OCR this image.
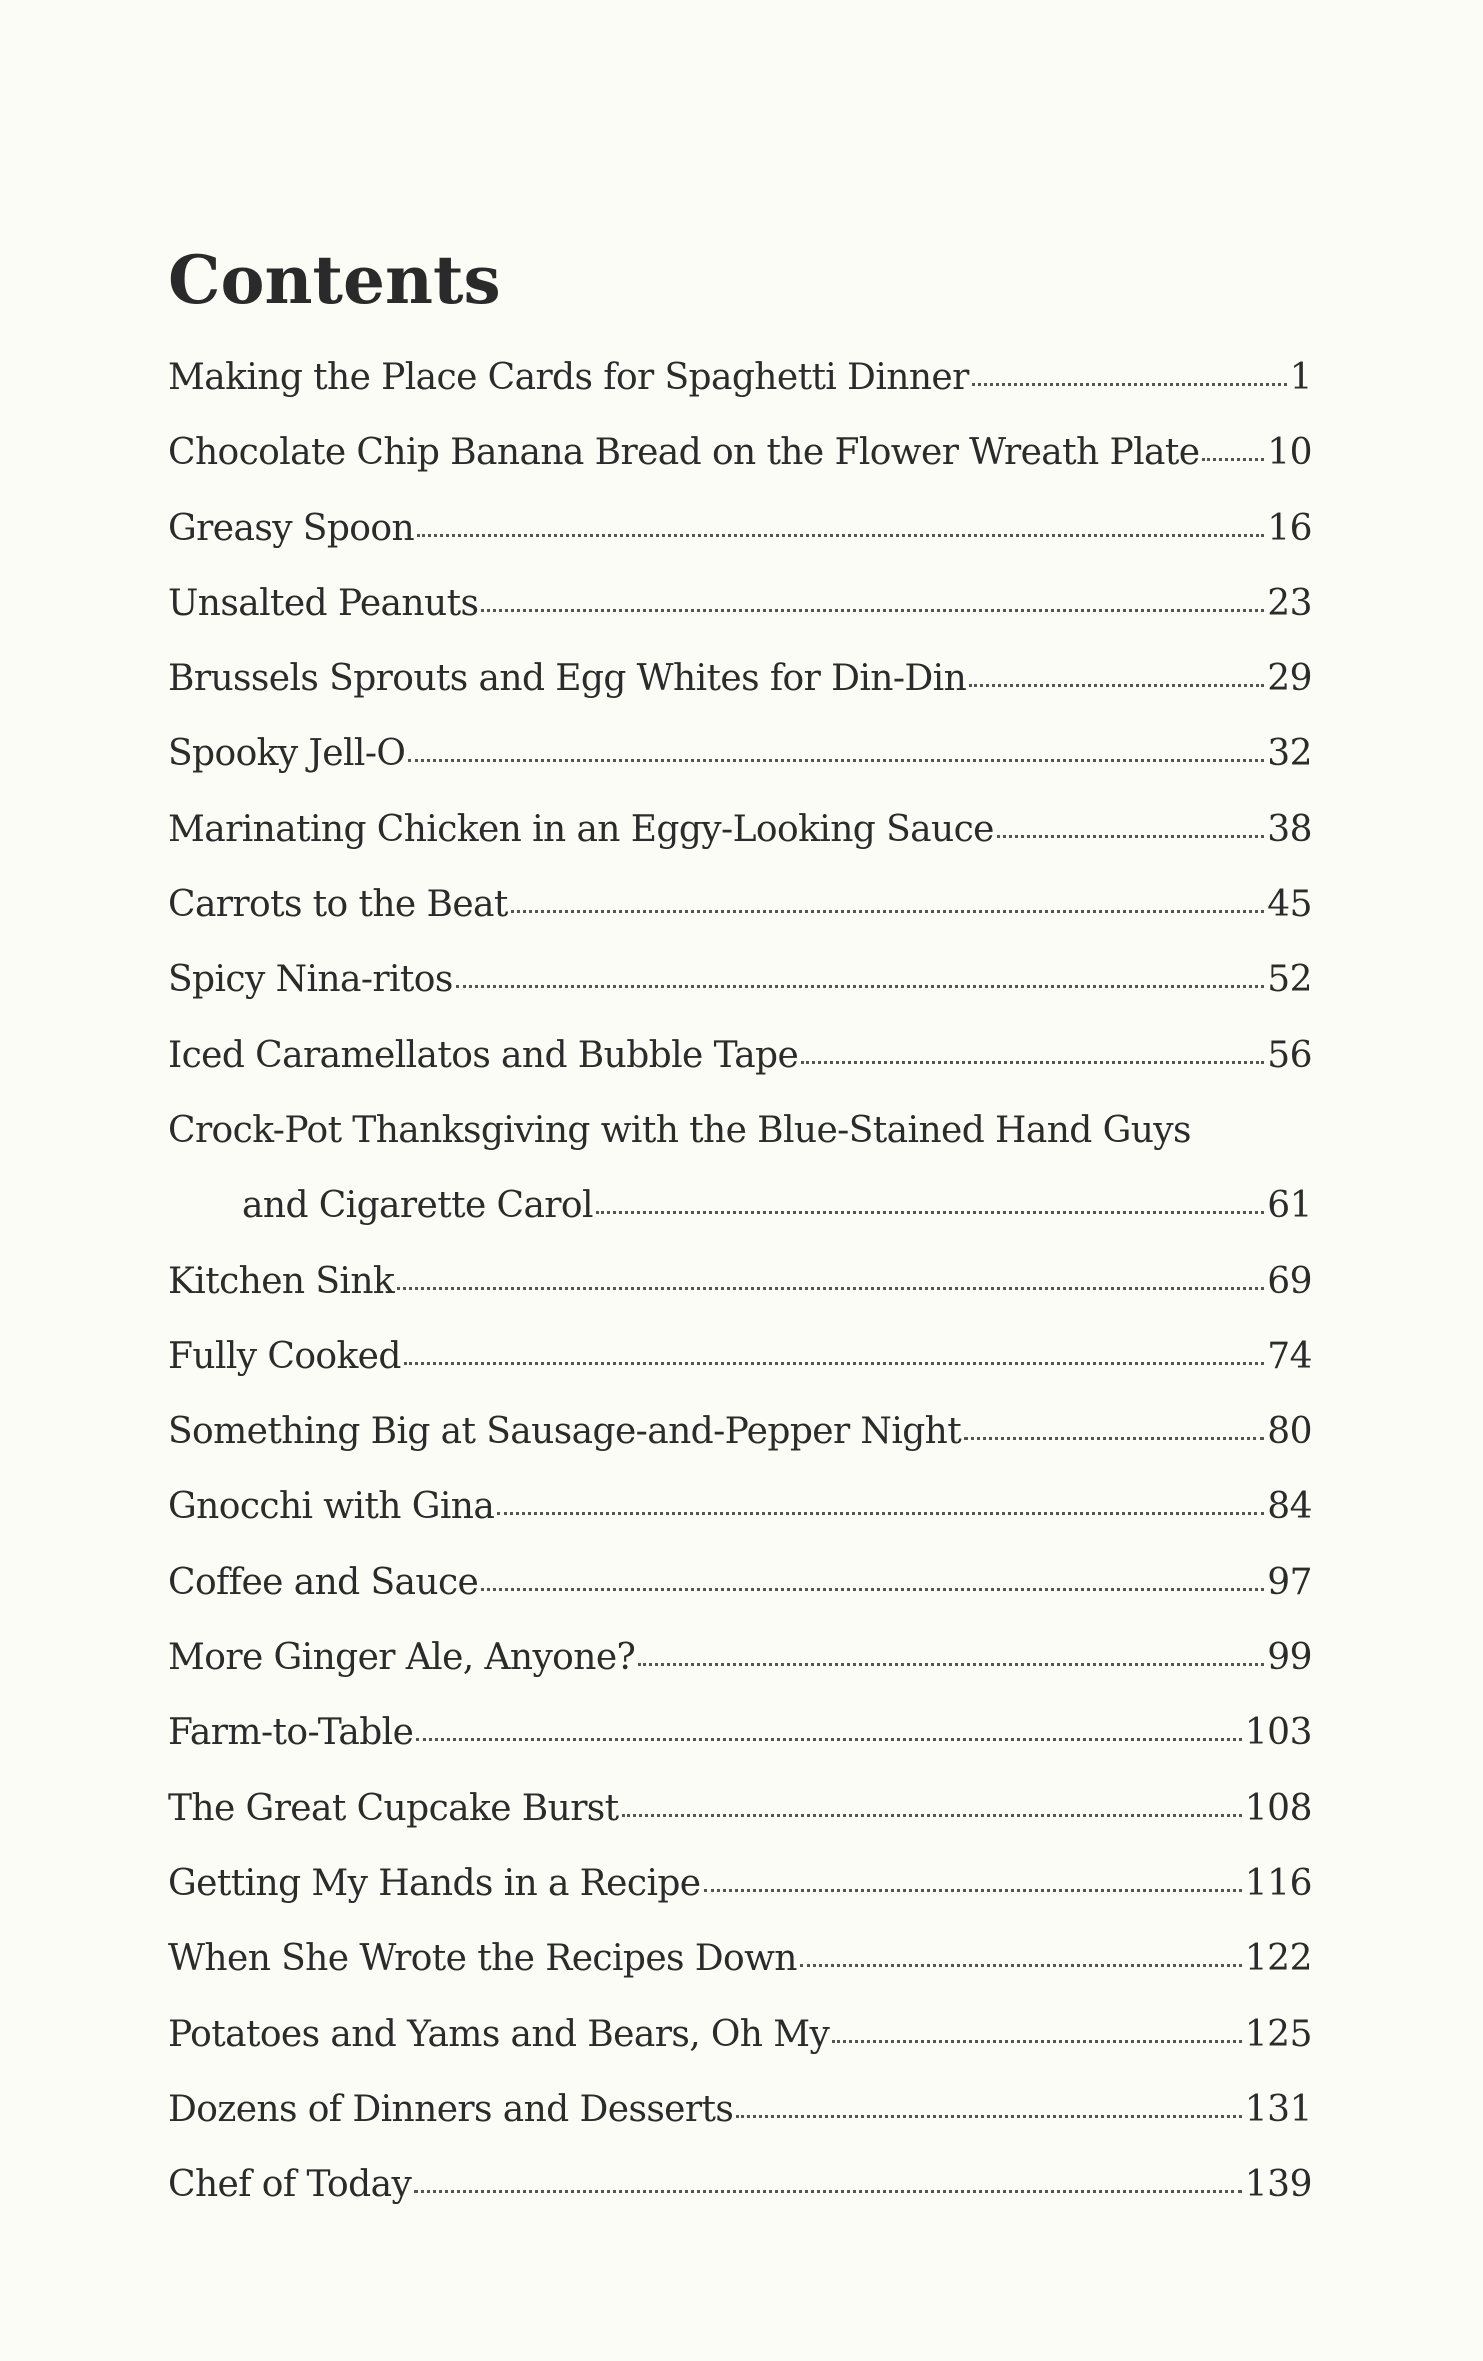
Contents
Making the Place Cards for Spaghetti Dinner	1
Chocolate Chip Banana Bread on the Flower Wreath Plate 10
Greasy Spoon	16
Unsalted Peanuts	23
Brussels Sprouts and Egg Whites for Din-Din	29
Spooky Jell-O	32
Marinating Chicken in an Eggy-Looking Sauce	38
Carrots to the Beat	45
Spicy Nina-ritos	52
Iced Caramellatos and Bubble Tape	56
Crock-Pot Thanksgiving with the Blue-Stained Hand Guys
and Cigarette Carol	61
Kitchen Sink	69
Fully Cooked	74
Something Big at Sausage-and-Pepper Night	80
Gnocchi with Gina	84
Coffee and Sauce	97
More Ginger Ale, Anyone?	99
Farm-to-Table	103
The Great Cupcake Burst	108
Getting My Hands in a Recipe	116
When She Wrote the Recipes Down	122
Potatoes and Yams and Bears, Oh My	125
Dozens of Dinners and Desserts	131
Chef of Today	139
